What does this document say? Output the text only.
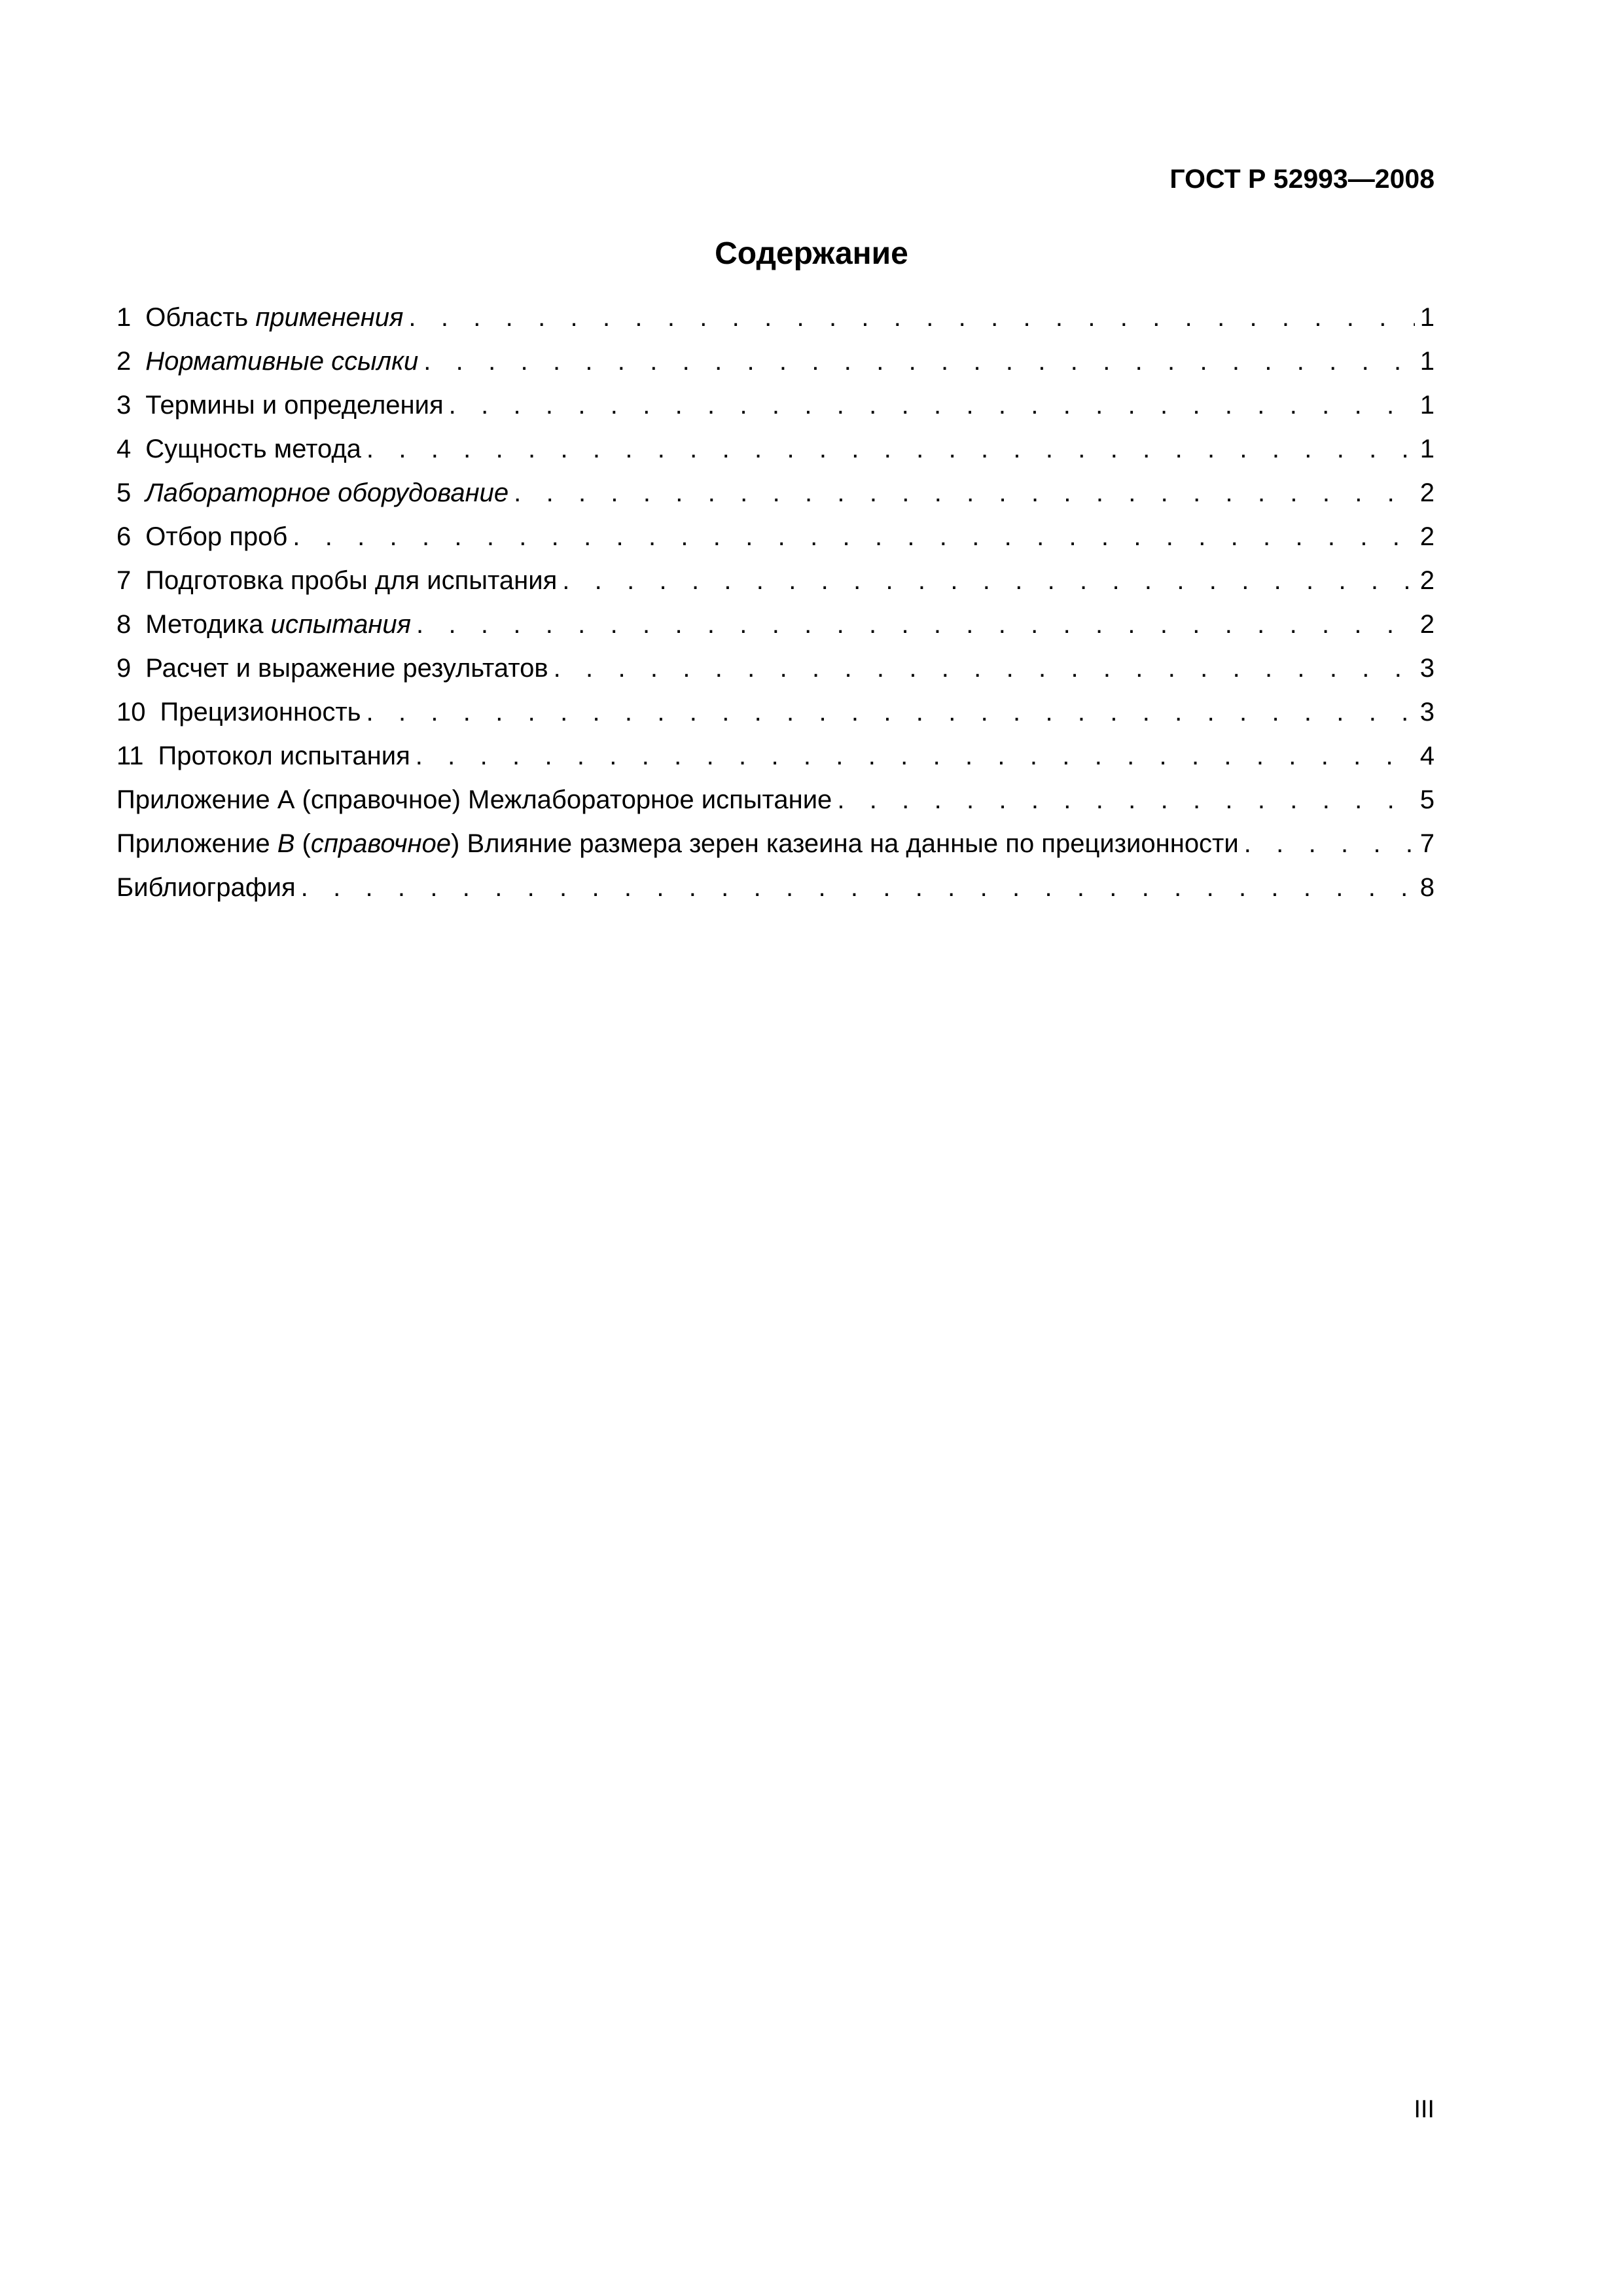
ГОСТ Р 52993—2008
Содержание
1 Область применения . . .	1
2 Нормативные ссылки . . .	1
3 Термины и определения . . .	1
4 Сущность метода . . .	1
5 Лабораторное оборудование . . .	2
6 Отбор проб . . .	2
7 Подготовка пробы для испытания . . .	2
8 Методика испытания . . .	2
9 Расчет и выражение результатов . . .	3
10 Прецизионность . . .	3
11 Протокол испытания . . .	4
Приложение А (справочное) Межлабораторное испытание . . .	5
Приложение В (справочное) Влияние размера зерен казеина на данные по прецизионности . . .	7
Библиография . . .	8
III
